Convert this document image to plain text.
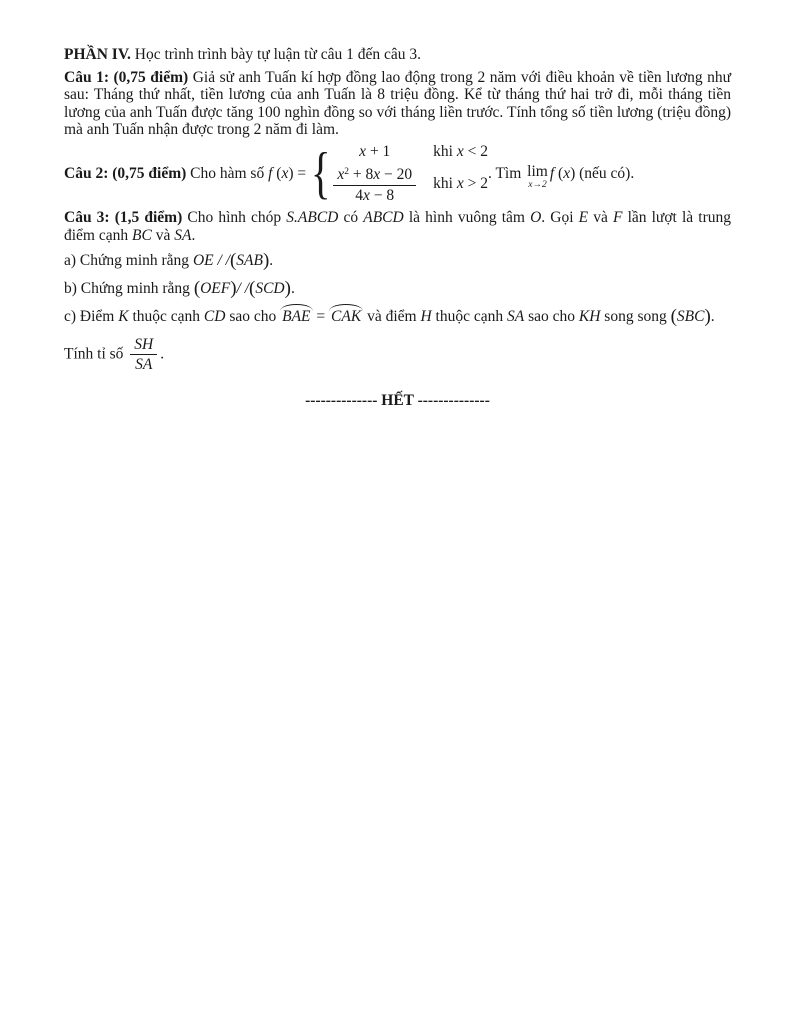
PHẦN IV. Học trình trình bày tự luận từ câu 1 đến câu 3.

Câu 1: (0,75 điểm) Giả sử anh Tuấn kí hợp đồng lao động trong 2 năm với điều khoản về tiền lương như sau: Tháng thứ nhất, tiền lương của anh Tuấn là 8 triệu đồng. Kể từ tháng thứ hai trở đi, mỗi tháng tiền lương của anh Tuấn được tăng 100 nghìn đồng so với tháng liền trước. Tính tổng số tiền lương (triệu đồng) mà anh Tuấn nhận được trong 2 năm đi làm.

Câu 2: (0,75 điểm) Cho hàm số f (x) = { x + 1	khi x < 2
$\frac{x^2 + 8x - 20}{4x - 8}$ khi x > 2
. Tìm lim
x→2
f (x) (nếu có).

Câu 3: (1,5 điểm) Cho hình chóp S.ABCD có ABCD là hình vuông tâm O. Gọi E và F lần lượt là trung điểm cạnh BC và SA.

a) Chứng minh rằng OE / /(SAB).

b) Chứng minh rằng (OEF)/ /(SCD).

c) Điểm K thuộc cạnh CD sao cho BAE = CAK và điểm H thuộc cạnh SA sao cho KH song song (SBC).

Tính tỉ số $\frac{SH}{SA}$ .

-------------- HẾT --------------
